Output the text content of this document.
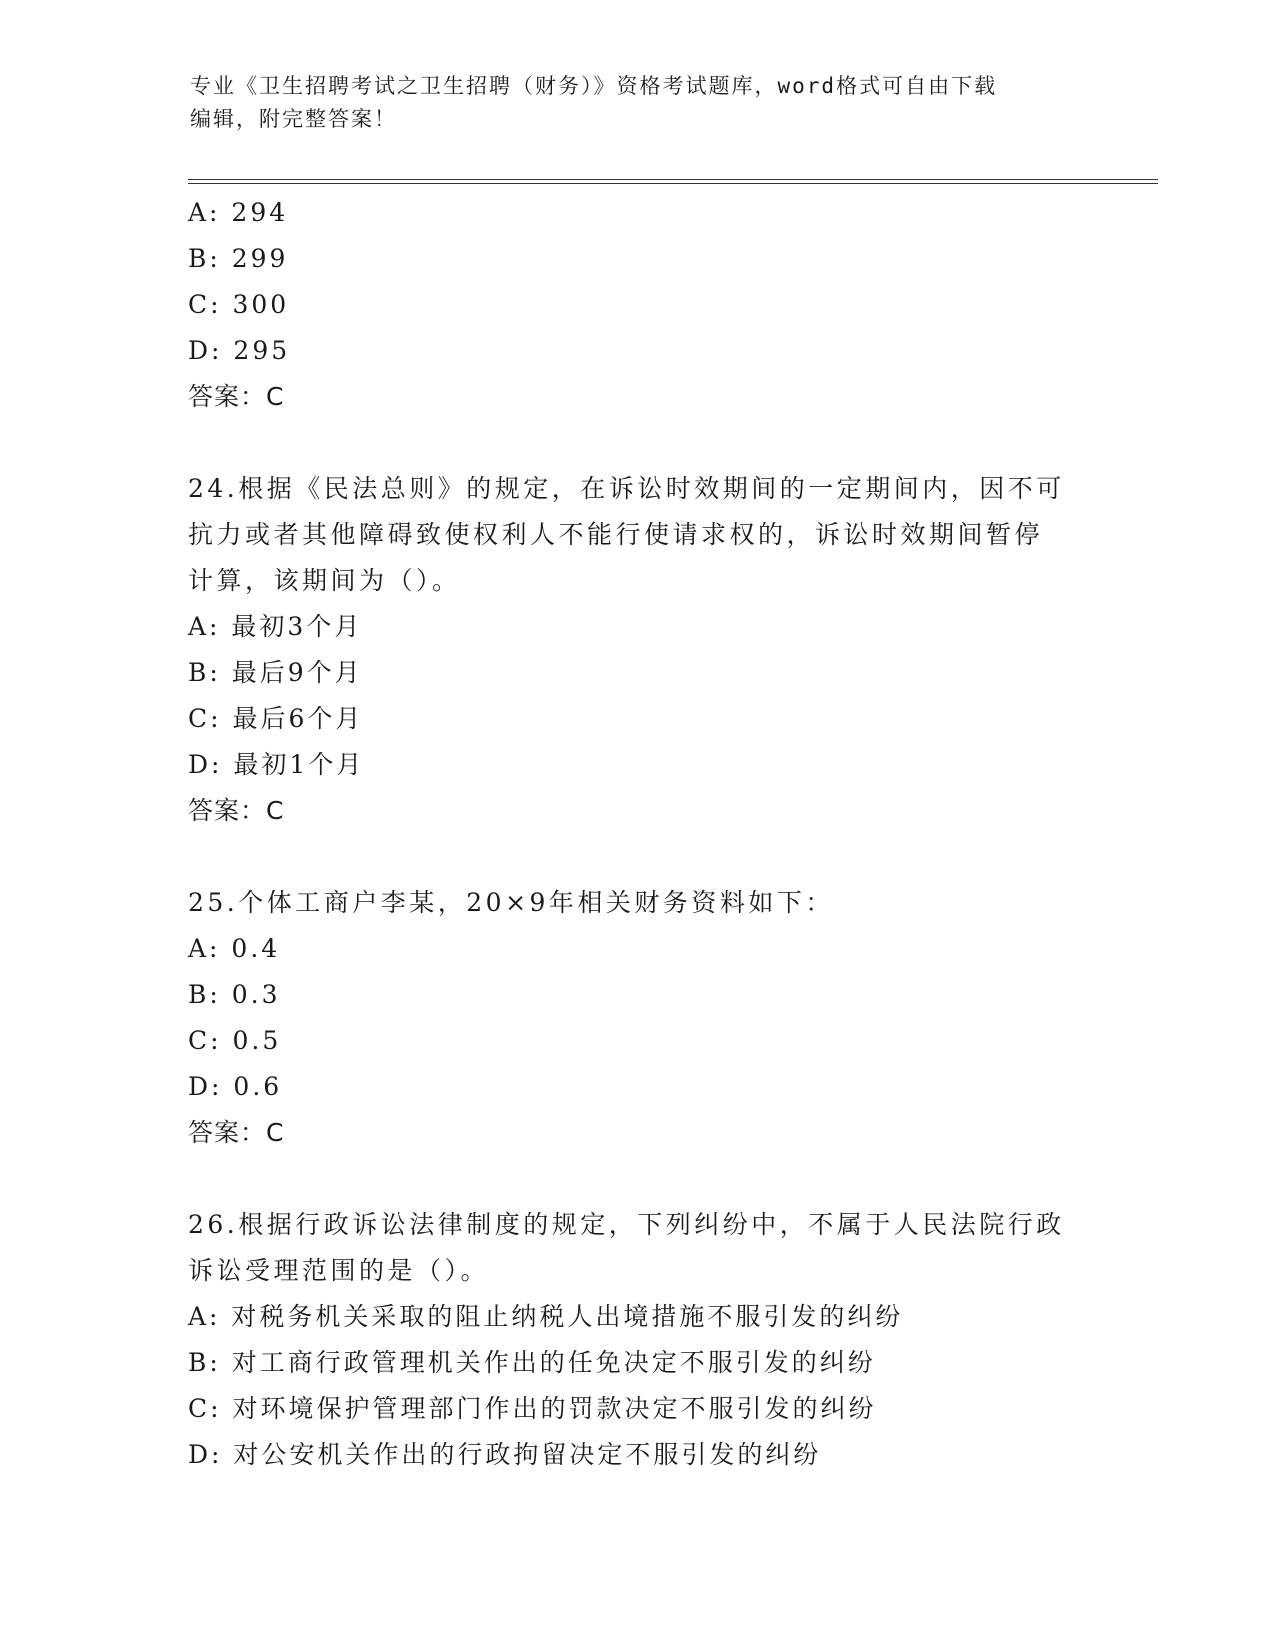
专业《卫生招聘考试之卫生招聘（财务）》资格考试题库，word格式可自由下载
编辑，附完整答案！
A: 294
B: 299
C: 300
D: 295
答案：C
24.根据《民法总则》的规定，在诉讼时效期间的一定期间内，因不可
抗力或者其他障碍致使权利人不能行使请求权的，诉讼时效期间暂停
计算，该期间为（）。
A: 最初3个月
B: 最后9个月
C: 最后6个月
D: 最初1个月
答案：C
25.个体工商户李某，20×9年相关财务资料如下：
A: 0.4
B: 0.3
C: 0.5
D: 0.6
答案：C
26.根据行政诉讼法律制度的规定，下列纠纷中，不属于人民法院行政
诉讼受理范围的是（）。
A: 对税务机关采取的阻止纳税人出境措施不服引发的纠纷
B: 对工商行政管理机关作出的任免决定不服引发的纠纷
C: 对环境保护管理部门作出的罚款决定不服引发的纠纷
D: 对公安机关作出的行政拘留决定不服引发的纠纷
